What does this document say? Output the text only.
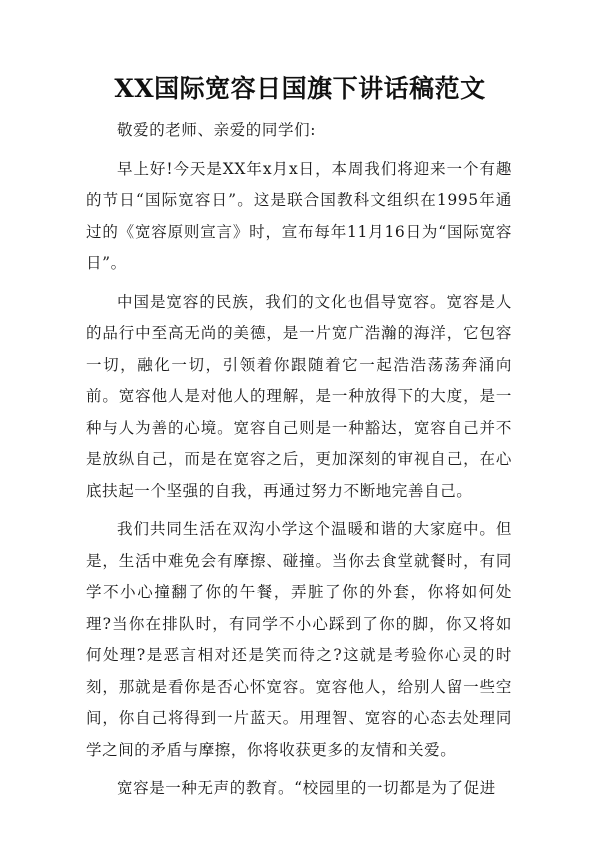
XX国际宽容日国旗下讲话稿范文

敬爱的老师、亲爱的同学们:

早上好!今天是XX年x月x日，本周我们将迎来一个有趣的节日“国际宽容日”。这是联合国教科文组织在1995年通过的《宽容原则宣言》时，宣布每年11月16日为“国际宽容日”。

中国是宽容的民族，我们的文化也倡导宽容。宽容是人的品行中至高无尚的美德，是一片宽广浩瀚的海洋，它包容一切，融化一切，引领着你跟随着它一起浩浩荡荡奔涌向前。宽容他人是对他人的理解，是一种放得下的大度，是一种与人为善的心境。宽容自己则是一种豁达，宽容自己并不是放纵自己，而是在宽容之后，更加深刻的审视自己，在心底扶起一个坚强的自我，再通过努力不断地完善自己。

我们共同生活在双沟小学这个温暖和谐的大家庭中。但是，生活中难免会有摩擦、碰撞。当你去食堂就餐时，有同学不小心撞翻了你的午餐，弄脏了你的外套，你将如何处理?当你在排队时，有同学不小心踩到了你的脚，你又将如何处理?是恶言相对还是笑而待之?这就是考验你心灵的时刻，那就是看你是否心怀宽容。宽容他人，给别人留一些空间，你自己将得到一片蓝天。用理智、宽容的心态去处理同学之间的矛盾与摩擦，你将收获更多的友情和关爱。

宽容是一种无声的教育。“校园里的一切都是为了促进
